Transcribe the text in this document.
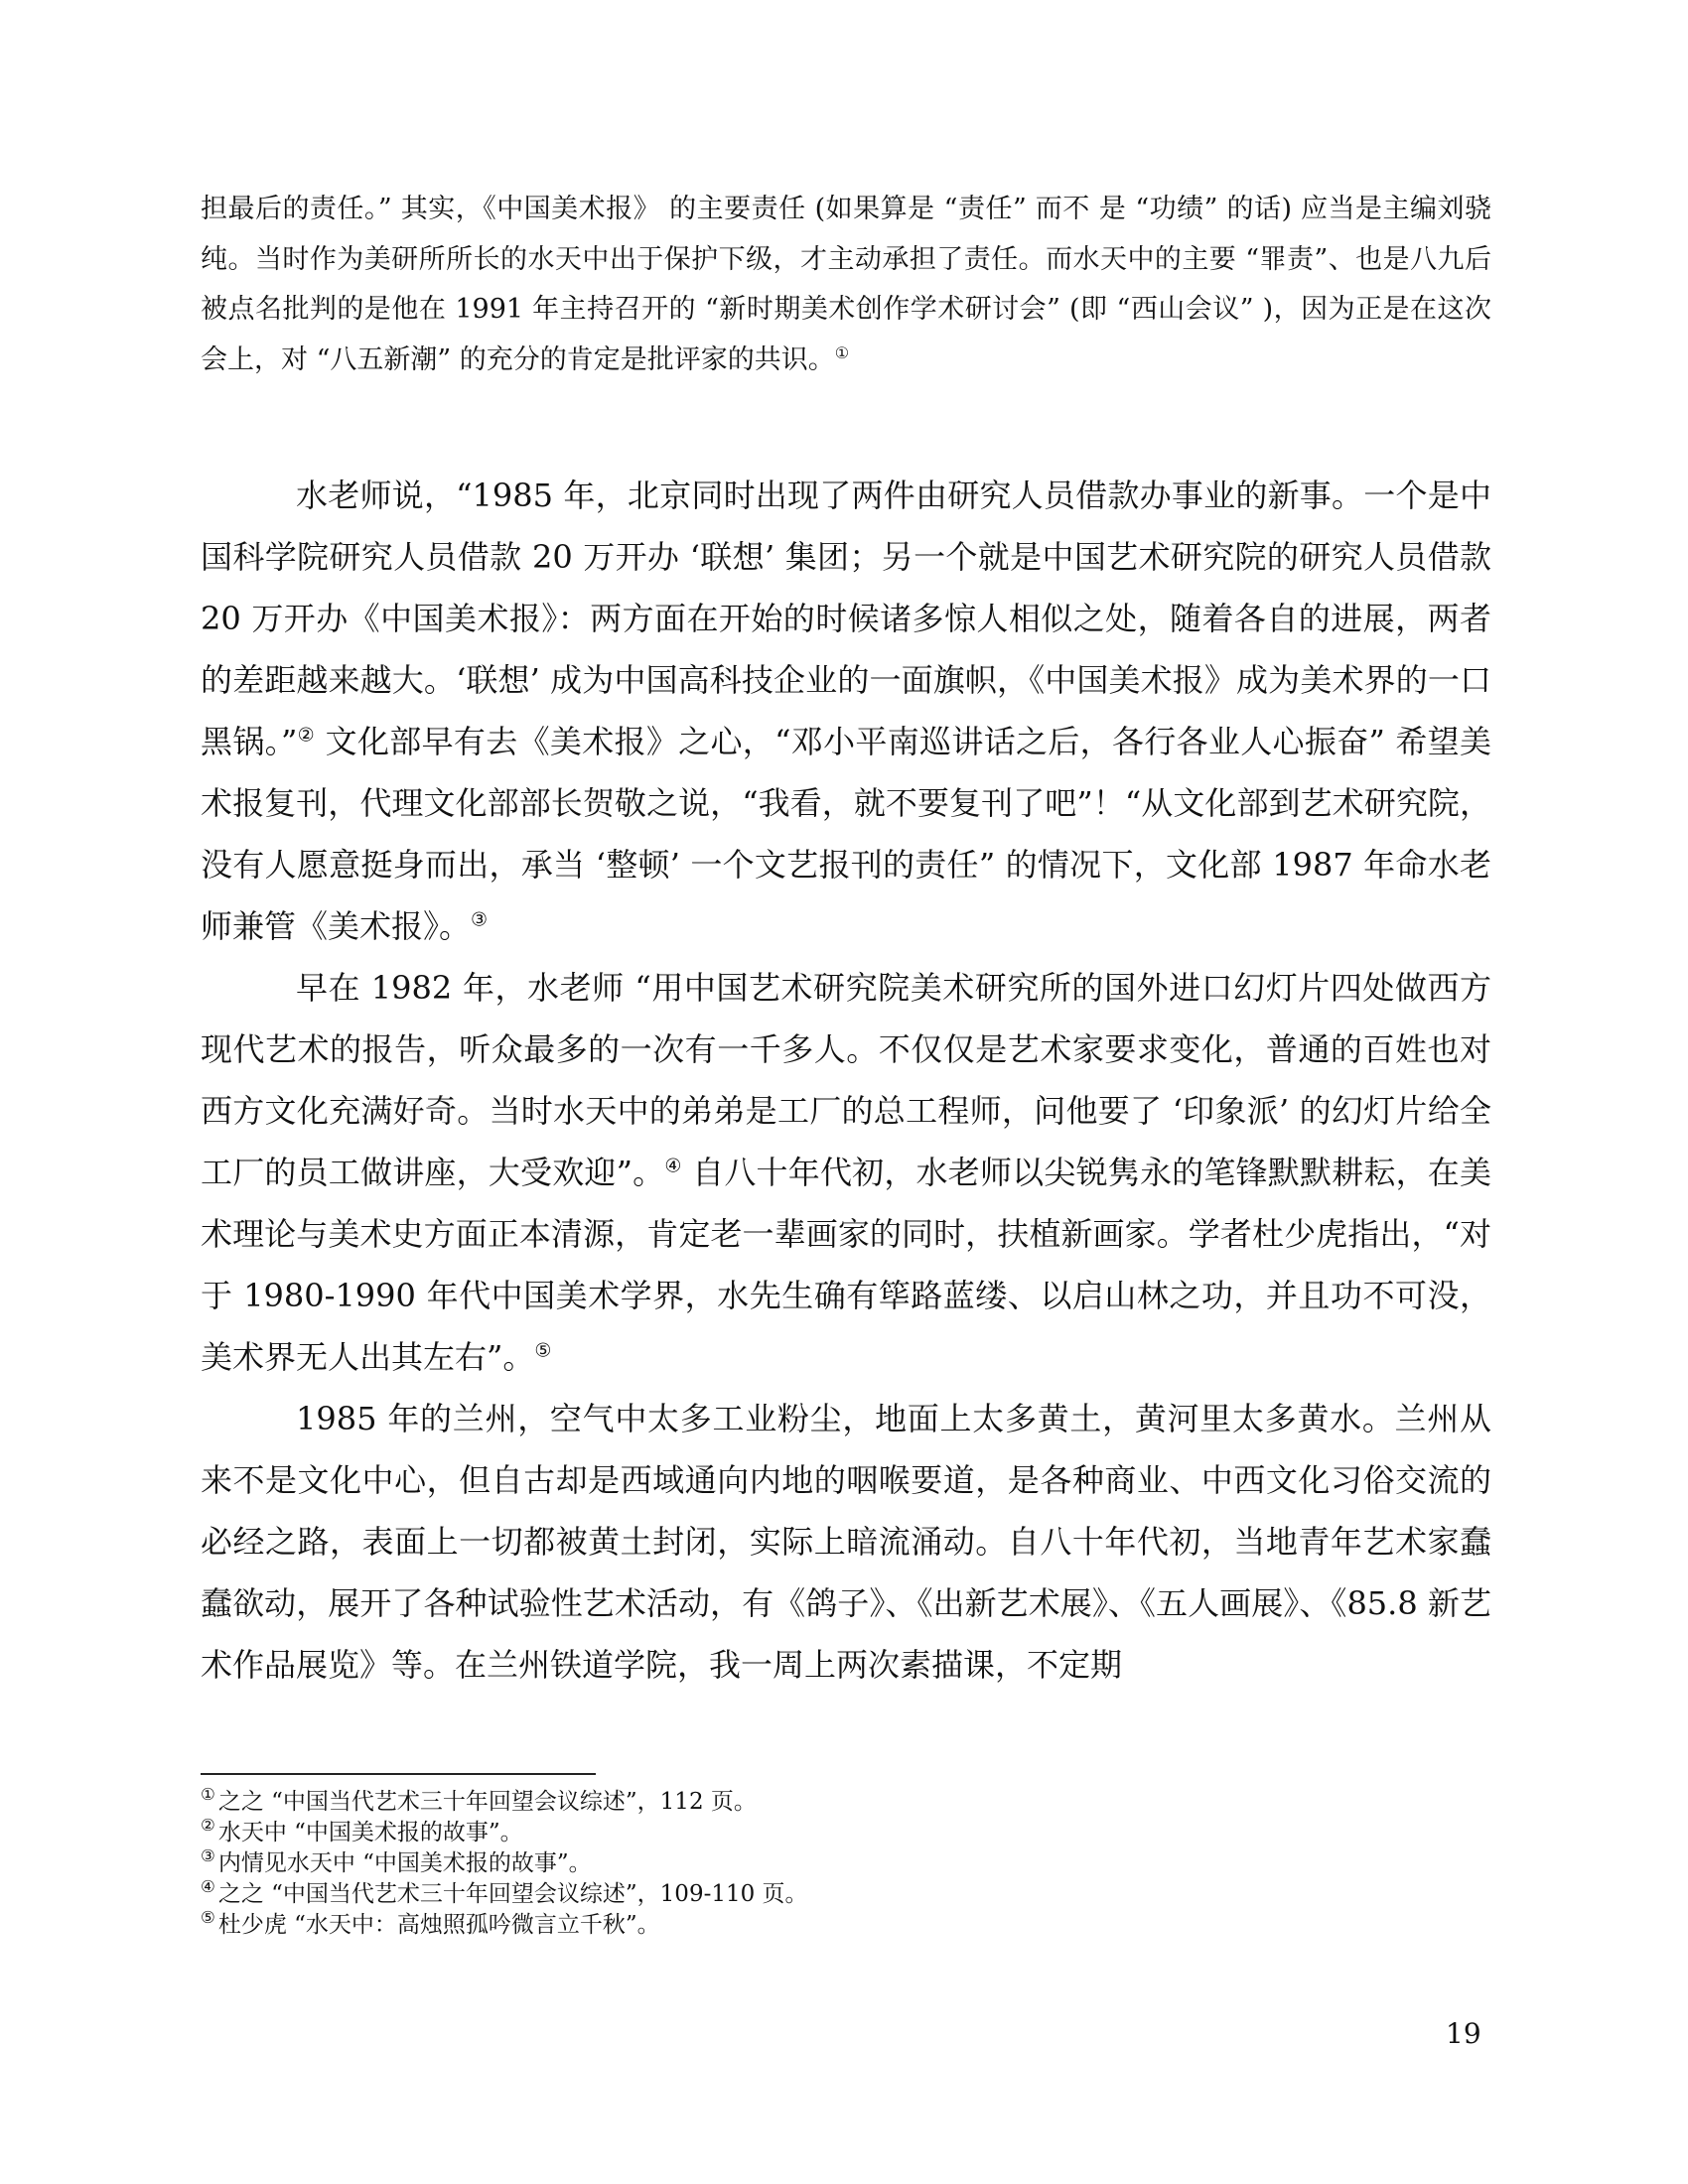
担最后的责任。” 其实，《中国美术报》 的主要责任 (如果算是 “责任” 而不 是 “功绩” 的话) 应当是主编刘骁纯。当时作为美研所所长的水天中出于保护下级，才主动承担了责任。而水天中的主要 “罪责”、也是八九后被点名批判的是他在 1991 年主持召开的 “新时期美术创作学术研讨会” (即 “西山会议” )，因为正是在这次会上，对 “八五新潮” 的充分的肯定是批评家的共识。①

水老师说，“1985 年，北京同时出现了两件由研究人员借款办事业的新事。一个是中国科学院研究人员借款 20 万开办 ‘联想’ 集团；另一个就是中国艺术研究院的研究人员借款 20 万开办《中国美术报》：两方面在开始的时候诸多惊人相似之处，随着各自的进展，两者的差距越来越大。‘联想’ 成为中国高科技企业的一面旗帜，《中国美术报》成为美术界的一口黑锅。”② 文化部早有去《美术报》之心，“邓小平南巡讲话之后，各行各业人心振奋” 希望美术报复刊，代理文化部部长贺敬之说，“我看，就不要复刊了吧”！“从文化部到艺术研究院，没有人愿意挺身而出，承当 ‘整顿’ 一个文艺报刊的责任” 的情况下，文化部 1987 年命水老师兼管《美术报》。③

早在 1982 年，水老师 “用中国艺术研究院美术研究所的国外进口幻灯片四处做西方现代艺术的报告，听众最多的一次有一千多人。不仅仅是艺术家要求变化，普通的百姓也对西方文化充满好奇。当时水天中的弟弟是工厂的总工程师，问他要了 ‘印象派’ 的幻灯片给全工厂的员工做讲座，大受欢迎”。④ 自八十年代初，水老师以尖锐隽永的笔锋默默耕耘，在美术理论与美术史方面正本清源，肯定老一辈画家的同时，扶植新画家。学者杜少虎指出，“对于 1980-1990 年代中国美术学界，水先生确有筚路蓝缕、以启山林之功，并且功不可没，美术界无人出其左右”。⑤

1985 年的兰州，空气中太多工业粉尘，地面上太多黄土，黄河里太多黄水。兰州从来不是文化中心，但自古却是西域通向内地的咽喉要道，是各种商业、中西文化习俗交流的必经之路，表面上一切都被黄土封闭，实际上暗流涌动。自八十年代初，当地青年艺术家蠢蠢欲动，展开了各种试验性艺术活动，有《鸽子》、《出新艺术展》、《五人画展》、《85.8 新艺术作品展览》等。在兰州铁道学院，我一周上两次素描课，不定期

① 之之 “中国当代艺术三十年回望会议综述”，112 页。
② 水天中 “中国美术报的故事”。
③ 内情见水天中 “中国美术报的故事”。
④ 之之 “中国当代艺术三十年回望会议综述”，109-110 页。
⑤ 杜少虎 “水天中：高烛照孤吟微言立千秋”。
19
